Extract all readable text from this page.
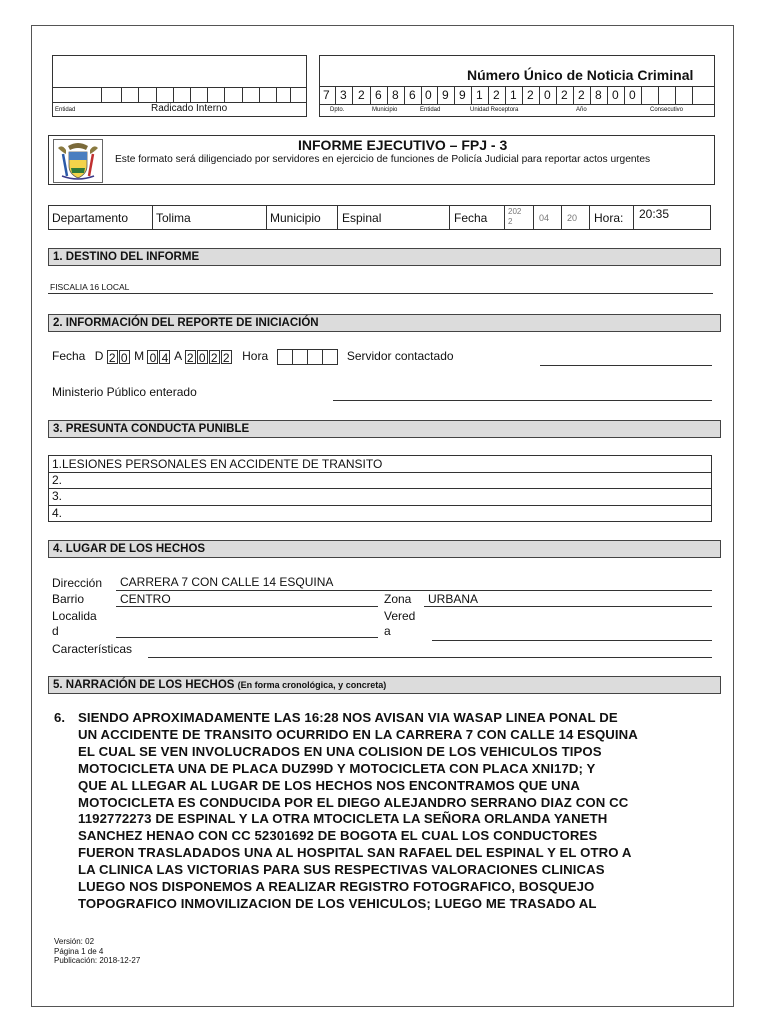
Entidad	Radicado Interno
Número Único de Noticia Criminal
7 3 2 6 8 6 0 9 9 1 2 1 2 0 2 2 8 0 0
Dpto.	Municipio	Entidad	Unidad Receptora	Año	Consecutivo
INFORME EJECUTIVO – FPJ - 3
Este formato será diligenciado por servidores en ejercicio de funciones de Policía Judicial para reportar actos urgentes
Departamento Tolima	Municipio Espinal	Fecha	202 2	04 20 Hora: 20:35
1. DESTINO DEL INFORME
FISCALIA 16 LOCAL
2. INFORMACIÓN DEL REPORTE DE INICIACIÓN
Fecha D 2 0 M 0 4 A 2 0 2 2 Hora	Servidor contactado
Ministerio Público enterado
3. PRESUNTA CONDUCTA PUNIBLE
1.LESIONES PERSONALES EN ACCIDENTE DE TRANSITO
2.
3.
4.
4. LUGAR DE LOS HECHOS
Dirección CARRERA 7 CON CALLE 14 ESQUINA
Barrio	CENTRO	Zona URBANA
Localida
d
Vered
a
Características
5. NARRACIÓN DE LOS HECHOS (En forma cronológica, y concreta)
6. SIENDO APROXIMADAMENTE LAS 16:28 NOS AVISAN VIA WASAP LINEA PONAL DE
UN ACCIDENTE DE TRANSITO OCURRIDO EN LA CARRERA 7 CON CALLE 14 ESQUINA
EL CUAL SE VEN INVOLUCRADOS EN UNA COLISION DE LOS VEHICULOS TIPOS
MOTOCICLETA UNA DE PLACA DUZ99D Y MOTOCICLETA CON PLACA XNI17D; Y
QUE AL LLEGAR AL LUGAR DE LOS HECHOS NOS ENCONTRAMOS QUE UNA
MOTOCICLETA ES CONDUCIDA POR EL DIEGO ALEJANDRO SERRANO DIAZ CON CC
1192772273 DE ESPINAL Y LA OTRA MTOCICLETA LA SEÑORA ORLANDA YANETH
SANCHEZ HENAO CON CC 52301692 DE BOGOTA EL CUAL LOS CONDUCTORES
FUERON TRASLADADOS UNA AL HOSPITAL SAN RAFAEL DEL ESPINAL Y EL OTRO A
LA CLINICA LAS VICTORIAS PARA SUS RESPECTIVAS VALORACIONES CLINICAS
LUEGO NOS DISPONEMOS A REALIZAR REGISTRO FOTOGRAFICO, BOSQUEJO
TOPOGRAFICO INMOVILIZACION DE LOS VEHICULOS; LUEGO ME TRASADO AL
Versión: 02
Página 1 de 4
Publicación: 2018-12-27
